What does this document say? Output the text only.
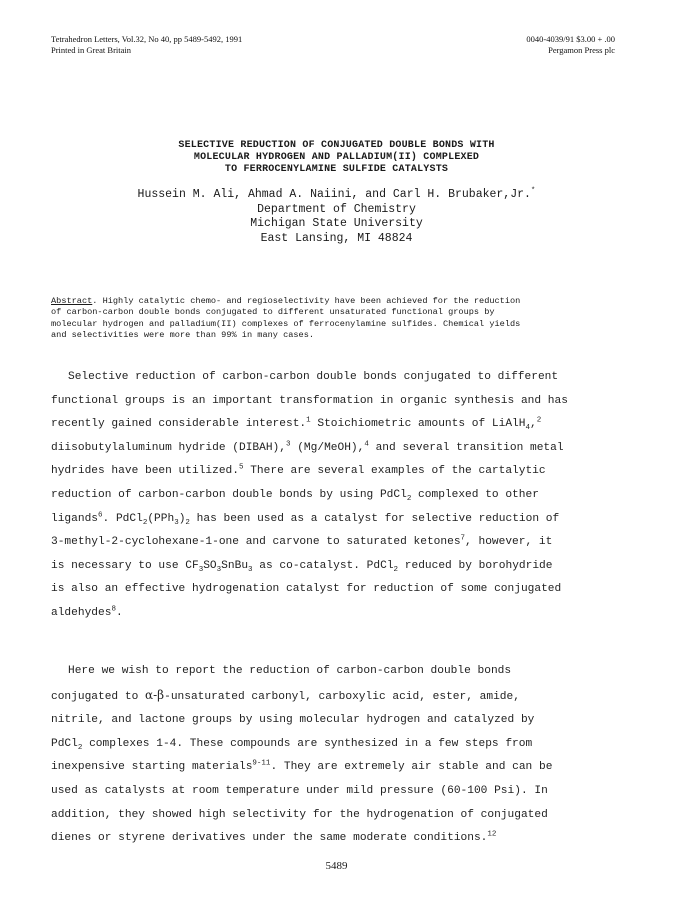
Tetrahedron Letters, Vol.32, No 40, pp 5489-5492, 1991
Printed in Great Britain
0040-4039/91 $3.00 + .00
Pergamon Press plc
SELECTIVE REDUCTION OF CONJUGATED DOUBLE BONDS WITH
MOLECULAR HYDROGEN AND PALLADIUM(II) COMPLEXED
TO FERROCENYLAMINE SULFIDE CATALYSTS
Hussein M. Ali, Ahmad A. Naiini, and Carl H. Brubaker,Jr.*
Department of Chemistry
Michigan State University
East Lansing, MI 48824
Abstract. Highly catalytic chemo- and regioselectivity have been achieved for the reduction
of carbon-carbon double bonds conjugated to different unsaturated functional groups by
molecular hydrogen and palladium(II) complexes of ferrocenylamine sulfides. Chemical yields
and selectivities were more than 99% in many cases.
Selective reduction of carbon-carbon double bonds conjugated to different
functional groups is an important transformation in organic synthesis and has
recently gained considerable interest.$^1$ Stoichiometric amounts of LiAlH$_4$,$^2$
diisobutylaluminum hydride (DIBAH),$^3$ (Mg/MeOH),$^4$ and several transition metal
hydrides have been utilized.$^5$ There are several examples of the cartalytic
reduction of carbon-carbon double bonds by using PdCl$_2$ complexed to other
ligands$^6$. $PdCl_2(PPh_3)_2$ has been used as a catalyst for selective reduction of
3-methyl-2-cyclohexane-1-one and carvone to saturated ketones$^7$, however, it
is necessary to use $CF_3SO_3SnBu_3$ as co-catalyst. PdCl$_2$ reduced by borohydride
is also an effective hydrogenation catalyst for reduction of some conjugated
aldehydes$^8$.
Here we wish to report the reduction of carbon-carbon double bonds
conjugated to α-β-unsaturated carbonyl, carboxylic acid, ester, amide,
nitrile, and lactone groups by using molecular hydrogen and catalyzed by
PdCl$_2$ complexes 1-4. These compounds are synthesized in a few steps from
inexpensive starting materials$^{9-11}$. They are extremely air stable and can be
used as catalysts at room temperature under mild pressure (60-100 Psi). In
addition, they showed high selectivity for the hydrogenation of conjugated
dienes or styrene derivatives under the same moderate conditions.$^{12}$
5489
